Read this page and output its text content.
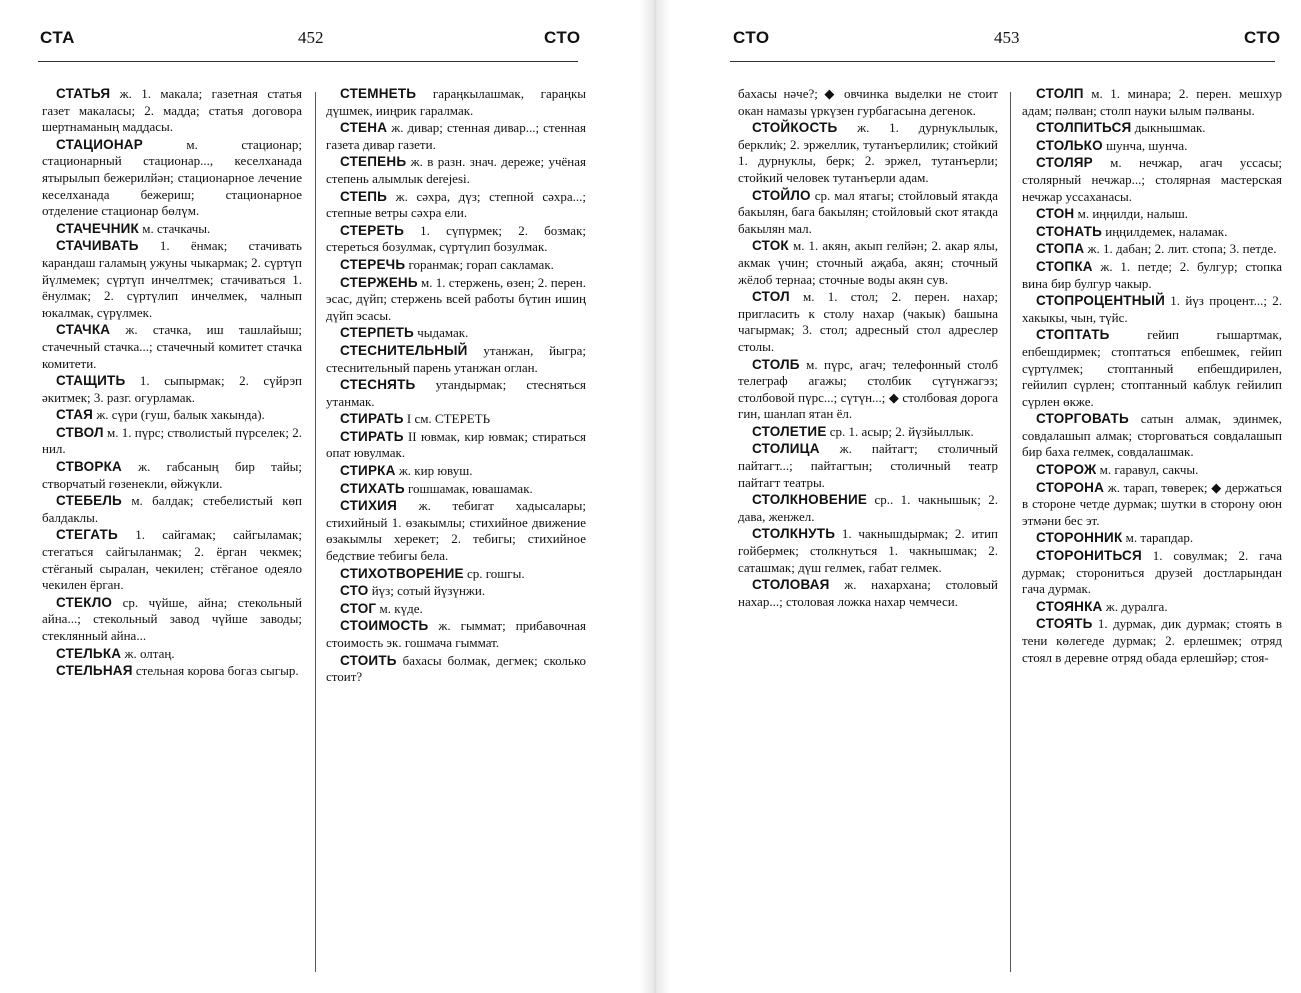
СТА	452	СТО
СТАТЬЯ ж. 1. макала; газетная статья газет макаласы; 2. мадда; статья договора шертнаманың маддасы.
СТАЦИОНАР м. стационар; стационарный стационар..., кеселханада ятырылып бежерилйән; стационарное лечение кеселханада бежериш; стационарное отделение стационар бөлүм.
СТАЧЕЧНИК м. стачкачы.
СТАЧИВАТЬ 1. ёнмак; стачивать карандаш галамың ужуны чыкармак; 2. сүртүп йүлмемек; сүртүп инчелтмек; стачиваться 1. ёнулмак; 2. сүртүлип инчелмек, чалнып юкалмак, сүрүлмек.
СТАЧКА ж. стачка, иш ташлайыш; стачечный стачка...; стачечный комитет стачка комитети.
СТАЩИТЬ 1. сыпырмак; 2. сүйрэп әкитмек; 3. разг. огурламак.
СТАЯ ж. сүри (гуш, балык хакында).
СТВОЛ м. 1. пүрс; стволистый пүрселек; 2. нил.
СТВОРКА ж. габсаның бир тайы; створчатый гөзенекли, өйжүкли.
СТЕБЕЛЬ м. балдак; стебелистый көп балдаклы.
СТЕГАТЬ 1. сайгамак; сайгыламак; стегаться сайгыланмак; 2. ёрган чекмек; стёганый сыралан, чекилен; стёганое одеяло чекилен ёрган.
СТЕКЛО ср. чүйше, айна; стекольный айна...; стекольный завод чүйше заводы; стеклянный айна...
СТЕЛЬКА ж. олтаң.
СТЕЛЬНАЯ стельная корова богаз сыгыр.
СТЕМНЕТЬ гараңкылашмак, гараңкы дүшмек, ииңрик гаралмак.
СТЕНА ж. дивар; стенная дивар...; стенная газета дивар газети.
СТЕПЕНЬ ж. в разн. знач. дереже; учёная степень алымлык derejesi.
СТЕПЬ ж. сәхра, дүз; степной сәхра...; степные ветры сәхра ели.
СТЕРЕТЬ 1. сүпүрмек; 2. бозмак; стереться бозулмак, сүртүлип бозулмак.
СТЕРЕЧЬ горанмак; горап сакламак.
СТЕРЖЕНЬ м. 1. стержень, өзен; 2. перен. эсас, дүйп; стержень всей работы бүтин ишиң дүйп эсасы.
СТЕРПЕТЬ чыдамак.
СТЕСНИТЕЛЬНЫЙ утанжан, йыгра; стеснительный парень утанжан оглан.
СТЕСНЯТЬ утандырмак; стесняться утанмак.
СТИРАТЬ I см. СТЕРЕТЬ
СТИРАТЬ II ювмак, кир ювмак; стираться опат ювулмак.
СТИРКА ж. кир ювуш.
СТИХАТЬ гошшамак, ювашамак.
СТИХИЯ ж. тебигат хадысалары; стихийный 1. өзакымлы; стихийное движение өзакымлы херекет; 2. тебигы; стихийное бедствие тебигы бела.
СТИХОТВОРЕНИЕ ср. гошгы.
СТО йүз; сотый йүзүнжи.
СТОГ м. күде.
СТОИМОСТЬ ж. гыммат; прибавочная стоимость эк. гошмача гыммат.
СТОИТЬ бахасы болмак, дегмек; сколько стоит?
СТО	453	СТО
бахасы нәче?; ◆ овчинка выделки не стоит окан намазы үркүзен гурбагасына дегенок.
СТОЙКОСТЬ ж. 1. дурнуклылык, беркли̇к; 2. эржеллик, тутанъерлилик; стойкий 1. дурнуклы, берк; 2. эржел, тутанъерли; стойкий человек тутанъерли адам.
СТОЙЛО ср. мал ятагы; стойловый ятакда бакылян, бага бакылян; стойловый скот ятакда бакылян мал.
СТОК м. 1. акян, акып гелйән; 2. акар ялы, акмак үчин; сточный аҗаба, акян; сточный жёлоб тернаа; сточные воды акян сув.
СТОЛ м. 1. стол; 2. перен. нахар; пригласить к столу нахар (чакык) башына чагырмак; 3. стол; адресный стол адреслер столы.
СТОЛБ м. пүрс, агач; телефонный столб телеграф агажы; столбик сүтүнжагэз; столбовой пүрс...; сүтүн...; ◆ столбовая дорога гин, шанлап ятан ёл.
СТОЛЕТИЕ ср. 1. асыр; 2. йүзйыллык.
СТОЛИЦА ж. пайтагт; столичный пайтагт...; пайтагтын; столичный театр пайтагт театры.
СТОЛКНОВЕНИЕ ср.. 1. чакнышык; 2. дава, женжел.
СТОЛКНУТЬ 1. чакнышдырмак; 2. итип гойбермек; столкнуться 1. чакнышмак; 2. саташмак; дүш гелмек, габат гелмек.
СТОЛОВАЯ ж. нахархана; столовый нахар...; столовая ложка нахар чемчеси.
СТОЛП м. 1. минара; 2. перен. мешхур адам; пәлван; столп науки ылым пәлваны.
СТОЛПИТЬСЯ дыкнышмак.
СТОЛЬКО шунча, шунча.
СТОЛЯР м. нечжар, агач уссасы; столярный нечжар...; столярная мастерская нечжар уссаханасы.
СТОН м. иңңилди, налыш.
СТОНАТЬ иңңилдемек, наламак.
СТОПА ж. 1. дабан; 2. лит. стопа; 3. петде.
СТОПКА ж. 1. петде; 2. булгур; стопка вина бир булгур чакыр.
СТОПРОЦЕНТНЫЙ 1. йүз процент...; 2. хакыкы, чын, түйс.
СТОПТАТЬ гейип гышартмак, епбешдирмек; стоптаться епбешмек, гейип сүртүлмек; стоптанный епбешдирилен, гейилип сүрлен; стоптанный каблук гейилип сүрлен өкже.
СТОРГОВАТЬ сатын алмак, эдинмек, совдалашып алмак; сторговаться совдалашып бир баха гелмек, совдалашмак.
СТОРОЖ м. гаравул, сакчы.
СТОРОНА ж. тарап, төверек; ◆ держаться в стороне четде дурмак; шутки в сторону оюн этмәни бес эт.
СТОРОННИК м. тарапдар.
СТОРОНИТЬСЯ 1. совулмак; 2. гача дурмак; сторониться друзей достларындан гача дурмак.
СТОЯНКА ж. дуралга.
СТОЯТЬ 1. дурмак, дик дурмак; стоять в тени көлегеде дурмак; 2. ерлешмек; отряд стоял в деревне отряд обада ерлешйәр; стоя-
